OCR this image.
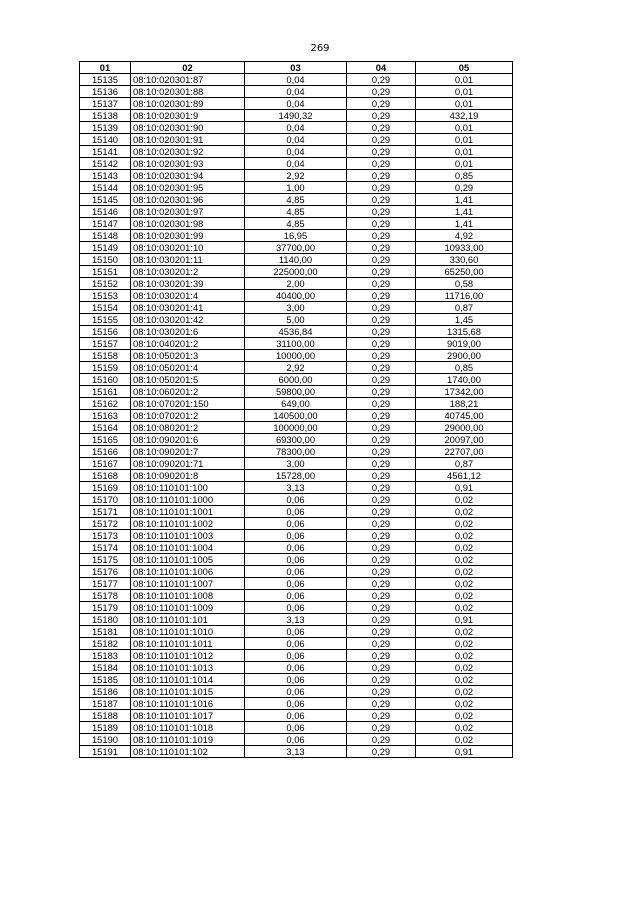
269
01	02	03	04	05
15135	08:10:020301:87	0,04	0,29	0,01
15136	08:10:020301:88	0,04	0,29	0,01
15137	08:10:020301:89	0,04	0,29	0,01
15138	08:10:020301:9	1490,32	0,29	432,19
15139	08:10:020301:90	0,04	0,29	0,01
15140	08:10:020301:91	0,04	0,29	0,01
15141	08:10:020301:92	0,04	0,29	0,01
15142	08:10:020301:93	0,04	0,29	0,01
15143	08:10:020301:94	2,92	0,29	0,85
15144	08:10:020301:95	1,00	0,29	0,29
15145	08:10:020301:96	4,85	0,29	1,41
15146	08:10:020301:97	4,85	0,29	1,41
15147	08:10:020301:98	4,85	0,29	1,41
15148	08:10:020301:99	16,95	0,29	4,92
15149	08:10:030201:10	37700,00	0,29	10933,00
15150	08:10:030201:11	1140,00	0,29	330,60
15151	08:10:030201:2	225000,00	0,29	65250,00
15152	08:10:030201:39	2,00	0,29	0,58
15153	08:10:030201:4	40400,00	0,29	11716,00
15154	08:10:030201:41	3,00	0,29	0,87
15155	08:10:030201:42	5,00	0,29	1,45
15156	08:10:030201:6	4536,84	0,29	1315,68
15157	08:10:040201:2	31100,00	0,29	9019,00
15158	08:10:050201:3	10000,00	0,29	2900,00
15159	08:10:050201:4	2,92	0,29	0,85
15160	08:10:050201:5	6000,00	0,29	1740,00
15161	08:10:060201:2	59800,00	0,29	17342,00
15162	08:10:070201:150	649,00	0,29	188,21
15163	08:10:070201:2	140500,00	0,29	40745,00
15164	08:10:080201:2	100000,00	0,29	29000,00
15165	08:10:090201:6	69300,00	0,29	20097,00
15166	08:10:090201:7	78300,00	0,29	22707,00
15167	08:10:090201:71	3,00	0,29	0,87
15168	08:10:090201:8	15728,00	0,29	4561,12
15169	08:10:110101:100	3,13	0,29	0,91
15170	08:10:110101:1000	0,06	0,29	0,02
15171	08:10:110101:1001	0,06	0,29	0,02
15172	08:10:110101:1002	0,06	0,29	0,02
15173	08:10:110101:1003	0,06	0,29	0,02
15174	08:10:110101:1004	0,06	0,29	0,02
15175	08:10:110101:1005	0,06	0,29	0,02
15176	08:10:110101:1006	0,06	0,29	0,02
15177	08:10:110101:1007	0,06	0,29	0,02
15178	08:10:110101:1008	0,06	0,29	0,02
15179	08:10:110101:1009	0,06	0,29	0,02
15180	08:10:110101:101	3,13	0,29	0,91
15181	08:10:110101:1010	0,06	0,29	0,02
15182	08:10:110101:1011	0,06	0,29	0,02
15183	08:10:110101:1012	0,06	0,29	0,02
15184	08:10:110101:1013	0,06	0,29	0,02
15185	08:10:110101:1014	0,06	0,29	0,02
15186	08:10:110101:1015	0,06	0,29	0,02
15187	08:10:110101:1016	0,06	0,29	0,02
15188	08:10:110101:1017	0,06	0,29	0,02
15189	08:10:110101:1018	0,06	0,29	0,02
15190	08:10:110101:1019	0,06	0,29	0,02
15191	08:10:110101:102	3,13	0,29	0,91
